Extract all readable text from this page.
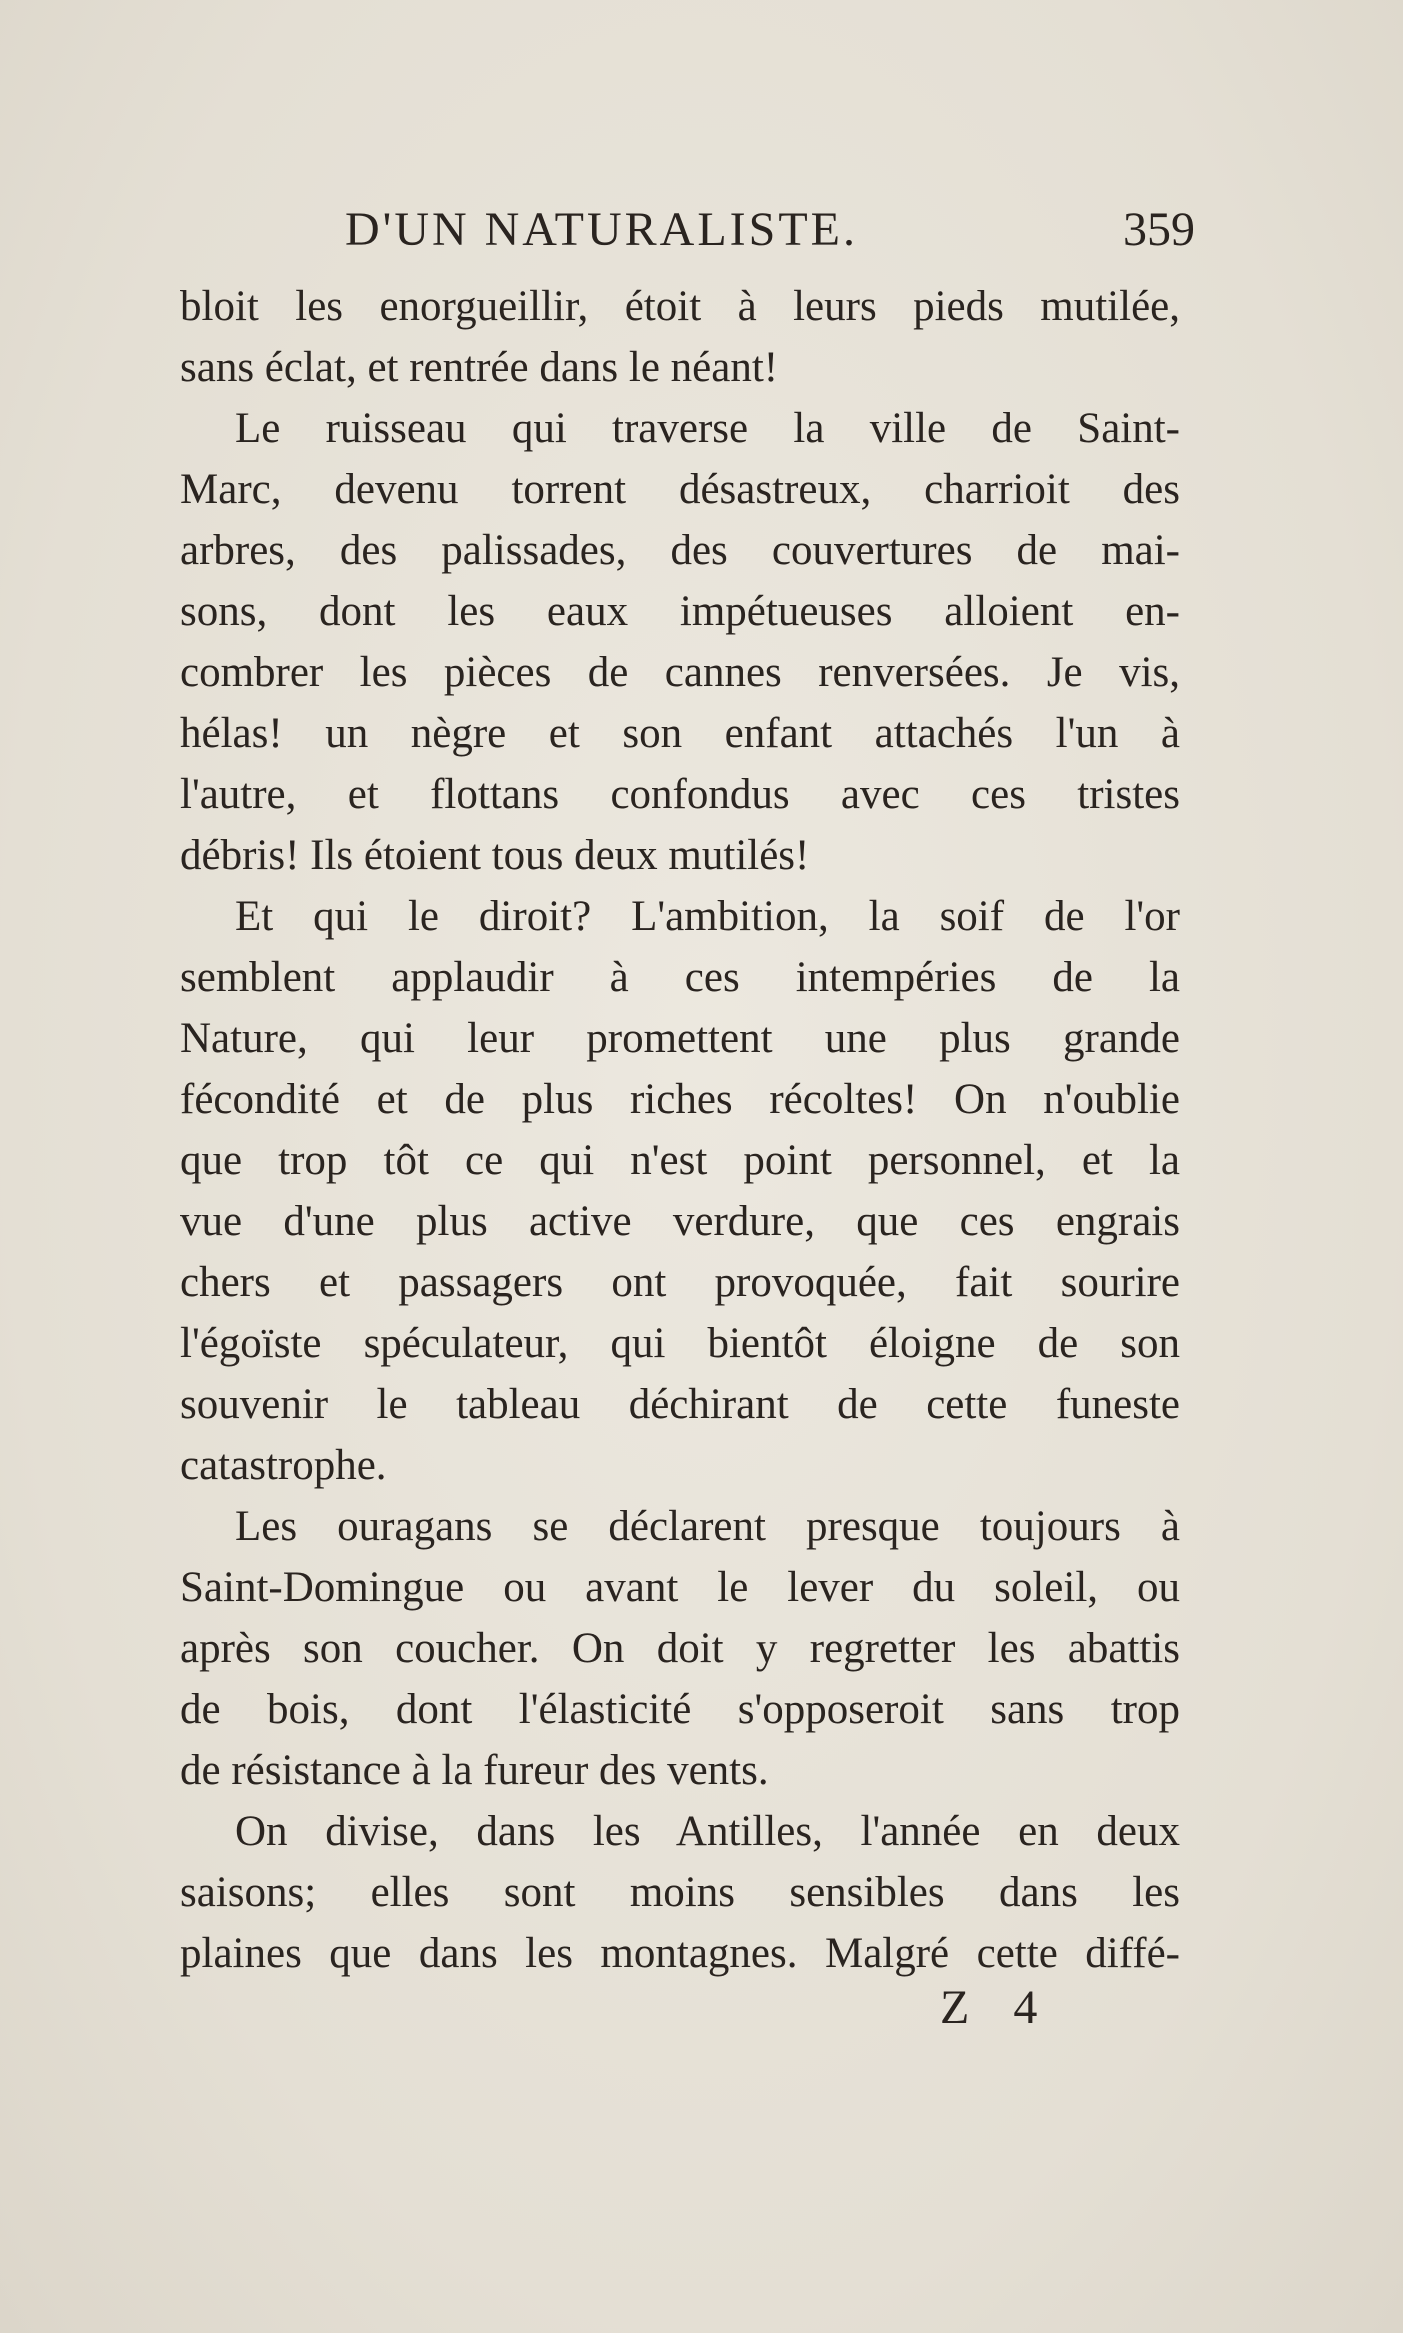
D'UN NATURALISTE.	359
bloit les enorgueillir, étoit à leurs pieds mutilée,
sans éclat, et rentrée dans le néant!
Le ruisseau qui traverse la ville de Saint-
Marc, devenu torrent désastreux, charrioit des
arbres, des palissades, des couvertures de mai-
sons, dont les eaux impétueuses alloient en-
combrer les pièces de cannes renversées. Je vis,
hélas! un nègre et son enfant attachés l'un à
l'autre, et flottans confondus avec ces tristes
débris! Ils étoient tous deux mutilés!
Et qui le diroit? L'ambition, la soif de l'or
semblent applaudir à ces intempéries de la
Nature, qui leur promettent une plus grande
fécondité et de plus riches récoltes! On n'oublie
que trop tôt ce qui n'est point personnel, et la
vue d'une plus active verdure, que ces engrais
chers et passagers ont provoquée, fait sourire
l'égoïste spéculateur, qui bientôt éloigne de son
souvenir le tableau déchirant de cette funeste
catastrophe.
Les ouragans se déclarent presque toujours à
Saint-Domingue ou avant le lever du soleil, ou
après son coucher. On doit y regretter les abattis
de bois, dont l'élasticité s'opposeroit sans trop
de résistance à la fureur des vents.
On divise, dans les Antilles, l'année en deux
saisons; elles sont moins sensibles dans les
plaines que dans les montagnes. Malgré cette diffé-
Z 4
